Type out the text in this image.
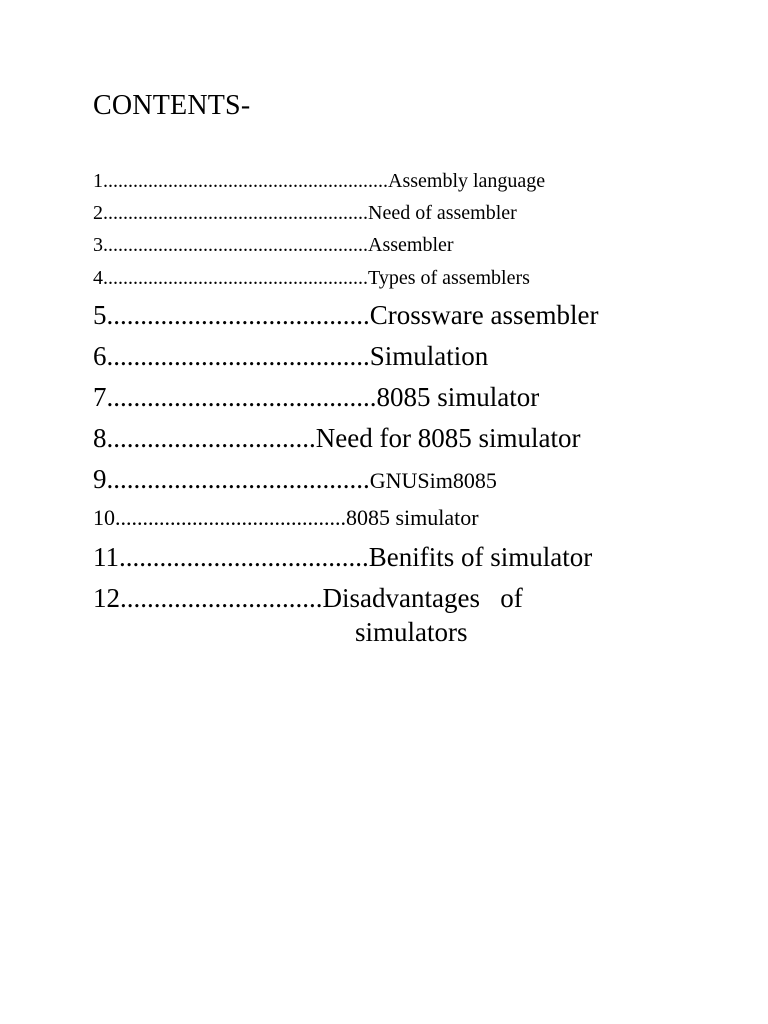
CONTENTS-
1.........................................................Assembly language
2.....................................................Need of assembler
3.....................................................Assembler
4.....................................................Types of assemblers
5.......................................Crossware assembler
6.......................................Simulation
7........................................8085 simulator
8...............................Need for 8085 simulator
9.......................................GNUSim8085
10..........................................8085 simulator
11.....................................Benifits of simulator
12..............................Disadvantages   of
simulators
